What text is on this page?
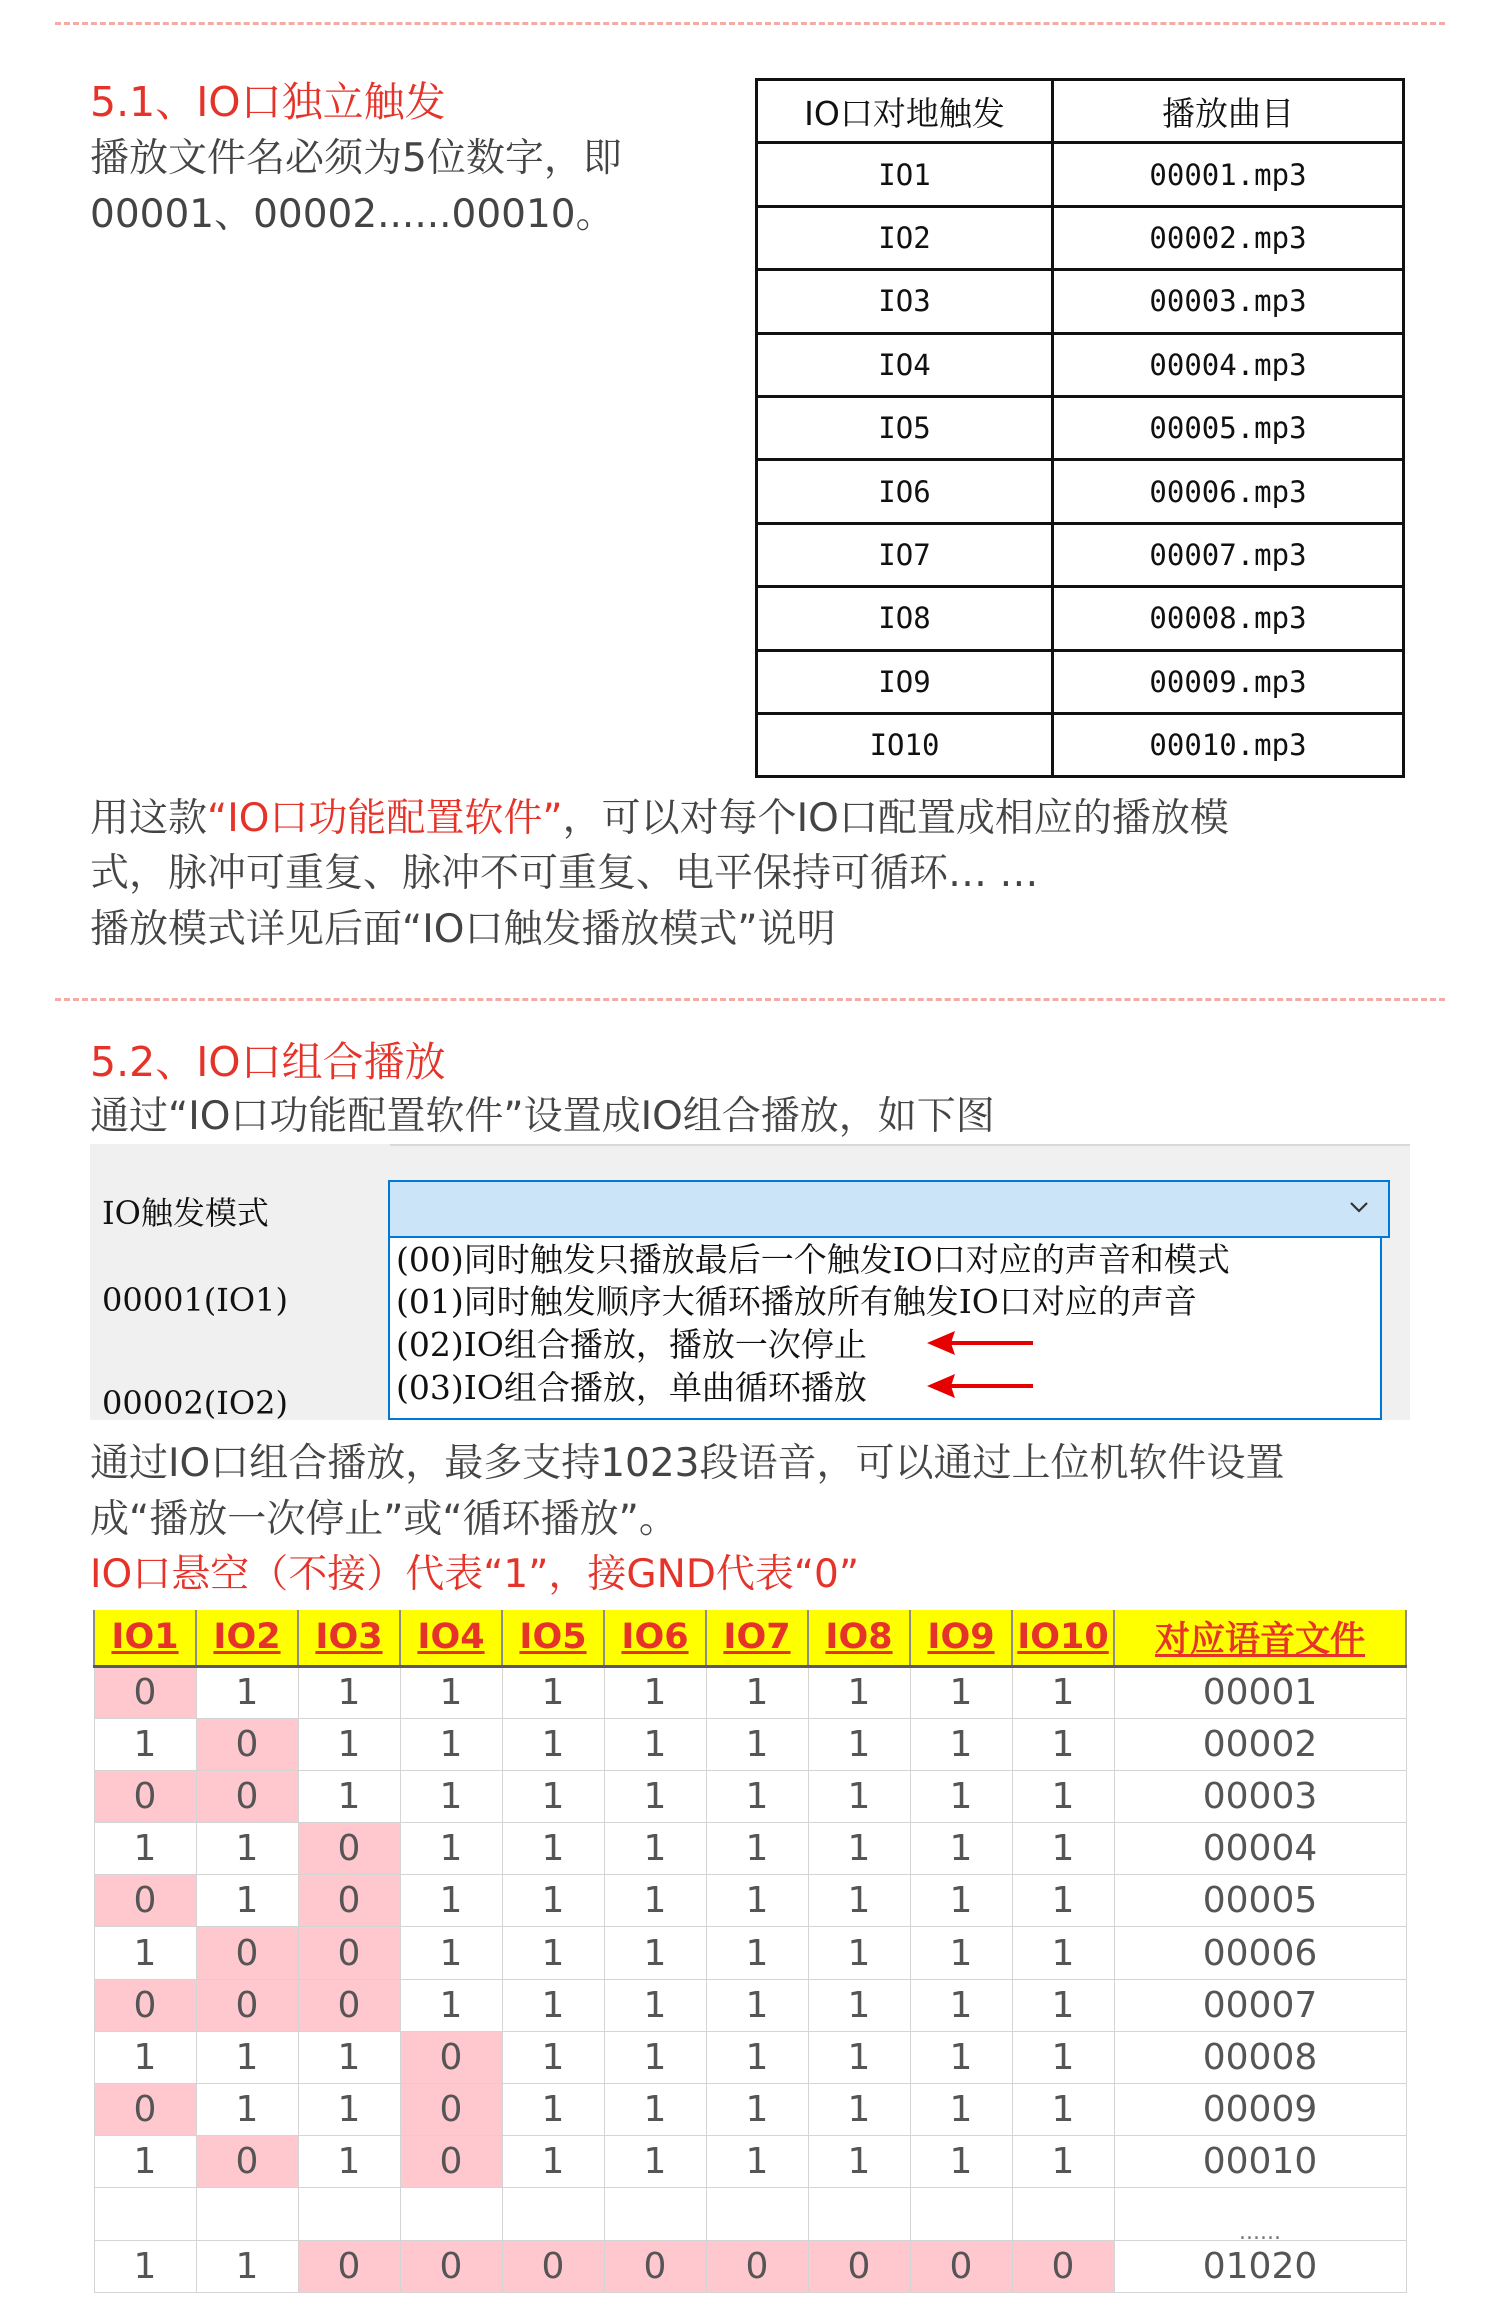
5.1、IO口独立触发
播放文件名必须为5位数字，即
00001、00002......00010。
IO口对地触发	播放曲目
IO1	00001.mp3
IO2	00002.mp3
IO3	00003.mp3
IO4	00004.mp3
IO5	00005.mp3
IO6	00006.mp3
IO7	00007.mp3
IO8	00008.mp3
IO9	00009.mp3
IO10	00010.mp3
用这款“IO口功能配置软件”，可以对每个IO口配置成相应的播放模
式，脉冲可重复、脉冲不可重复、电平保持可循环… …
播放模式详见后面“IO口触发播放模式”说明
5.2、IO口组合播放
通过“IO口功能配置软件”设置成IO组合播放，如下图
IO触发模式
00001(IO1)
00002(IO2)
(00)同时触发只播放最后一个触发IO口对应的声音和模式
(01)同时触发顺序大循环播放所有触发IO口对应的声音
(02)IO组合播放，播放一次停止
(03)IO组合播放，单曲循环播放
通过IO口组合播放，最多支持1023段语音，可以通过上位机软件设置
成“播放一次停止”或“循环播放”。
IO口悬空（不接）代表“1”，接GND代表“0”
IO1	IO2	IO3	IO4	IO5	IO6	IO7	IO8	IO9	IO10	对应语音文件
0	1	1	1	1	1	1	1	1	1	00001
1	0	1	1	1	1	1	1	1	1	00002
0	0	1	1	1	1	1	1	1	1	00003
1	1	0	1	1	1	1	1	1	1	00004
0	1	0	1	1	1	1	1	1	1	00005
1	0	0	1	1	1	1	1	1	1	00006
0	0	0	1	1	1	1	1	1	1	00007
1	1	1	0	1	1	1	1	1	1	00008
0	1	1	0	1	1	1	1	1	1	00009
1	0	1	0	1	1	1	1	1	1	00010
										......
1	1	0	0	0	0	0	0	0	0	01020
